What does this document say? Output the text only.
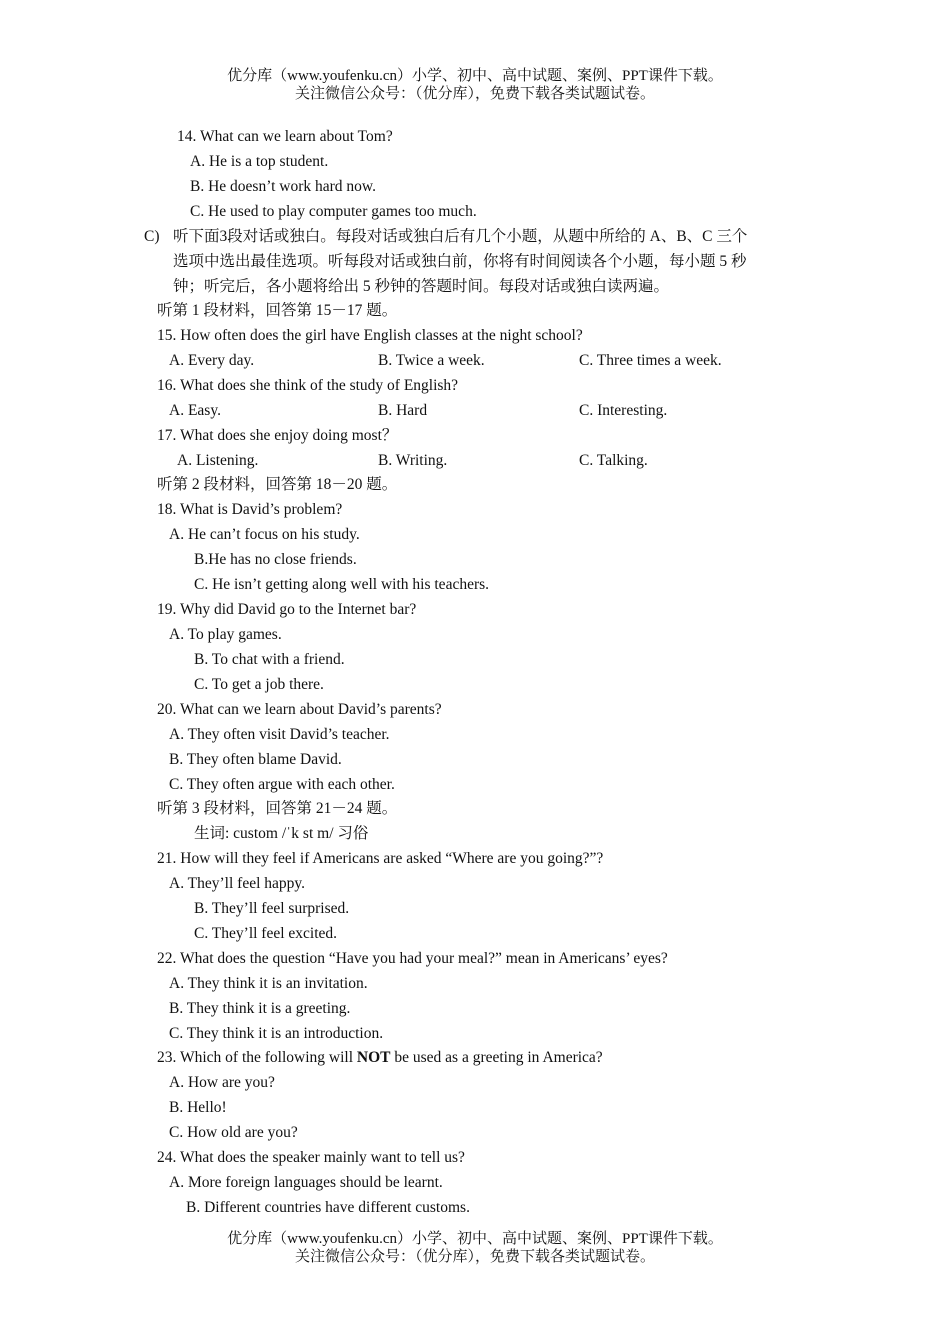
优分库（www.youfenku.cn）小学、初中、高中试题、案例、PPT课件下载。
关注微信公众号：（优分库），免费下载各类试题试卷。
14. What can we learn about Tom?
A. He is a top student.
B. He doesn’t work hard now.
C. He used to play computer games too much.
C) 听下面3段对话或独白。每段对话或独白后有几个小题，从题中所给的 A、B、C 三个
选项中选出最佳选项。听每段对话或独白前，你将有时间阅读各个小题，每小题 5 秒
钟；听完后，各小题将给出 5 秒钟的答题时间。每段对话或独白读两遍。
听第 1 段材料，回答第 15－17 题。
15. How often does the girl have English classes at the night school?
A. Every day.	B. Twice a week.	C. Three times a week.
16. What does she think of the study of English?
A. Easy.	B. Hard	C. Interesting.
17. What does she enjoy doing most？
A. Listening.	B. Writing.	C. Talking.
听第 2 段材料，回答第 18－20 题。
18. What is David’s problem?
A. He can’t focus on his study.
B.He has no close friends.
C. He isn’t getting along well with his teachers.
19. Why did David go to the Internet bar?
A. To play games.
B. To chat with a friend.
C. To get a job there.
20. What can we learn about David’s parents?
A. They often visit David’s teacher.
B. They often blame David.
C. They often argue with each other.
听第 3 段材料，回答第 21－24 题。
生词: custom /ˈk st m/ 习俗
21. How will they feel if Americans are asked “Where are you going?”?
A. They’ll feel happy.
B. They’ll feel surprised.
C. They’ll feel excited.
22. What does the question “Have you had your meal?” mean in Americans’ eyes?
A. They think it is an invitation.
B. They think it is a greeting.
C. They think it is an introduction.
23. Which of the following will NOT be used as a greeting in America?
A. How are you?
B. Hello!
C. How old are you?
24. What does the speaker mainly want to tell us?
A. More foreign languages should be learnt.
B. Different countries have different customs.
优分库（www.youfenku.cn）小学、初中、高中试题、案例、PPT课件下载。
关注微信公众号：（优分库），免费下载各类试题试卷。
